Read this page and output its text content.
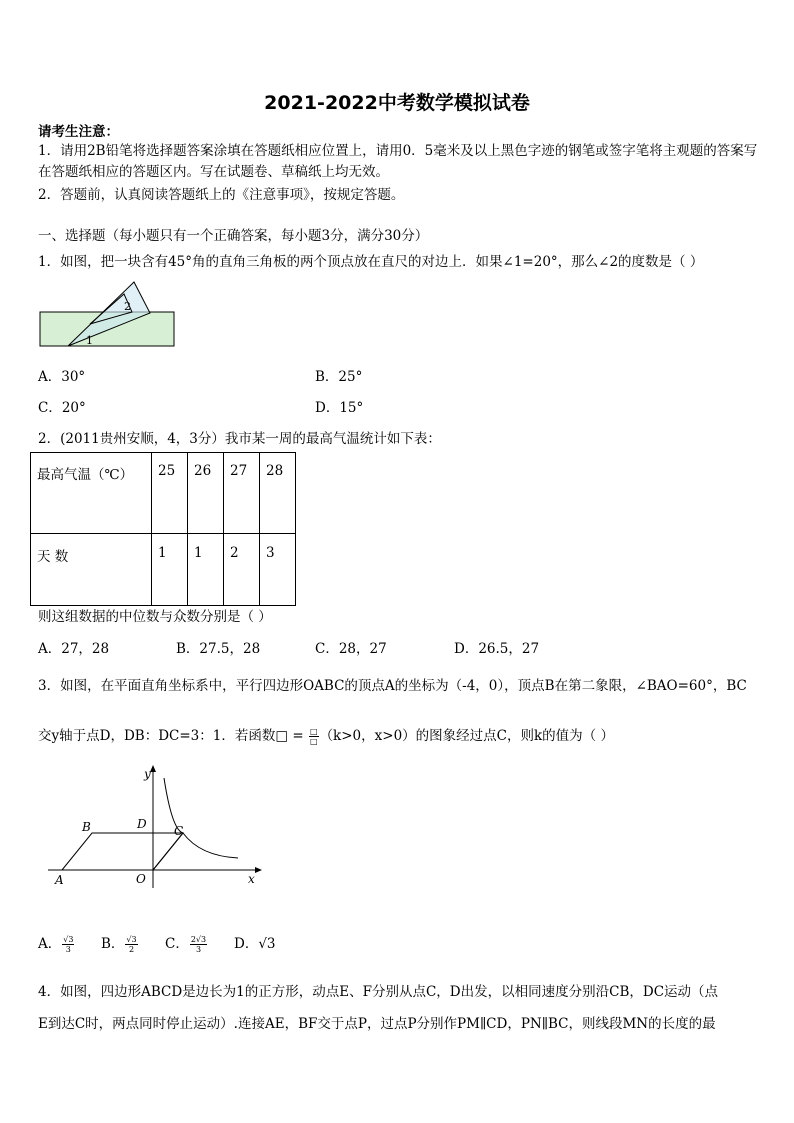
2021-2022中考数学模拟试卷
请考生注意：
1．请用2B铅笔将选择题答案涂填在答题纸相应位置上，请用0．5毫米及以上黑色字迹的钢笔或签字笔将主观题的答案写在答题纸相应的答题区内。写在试题卷、草稿纸上均无效。
2．答题前，认真阅读答题纸上的《注意事项》，按规定答题。
一、选择题（每小题只有一个正确答案，每小题3分，满分30分）
1．如图，把一块含有45°角的直角三角板的两个顶点放在直尺的对边上．如果∠1=20°，那么∠2的度数是（ ）
2
1
A．30°	B．25°
C．20°	D．15°
2．(2011贵州安顺，4，3分）我市某一周的最高气温统计如下表：
最高气温（℃）	25	26	27	28
天 数	1	1	2	3
则这组数据的中位数与众数分别是（ ）
A．27，28	B．27.5，28	C．28，27	D．26.5，27
3．如图，在平面直角坐标系中，平行四边形OABC的顶点A的坐标为（-4，0），顶点B在第二象限，∠BAO=60°，BC
交y轴于点D，DB：DC=3：1．若函数□ = $\frac{□}{□} (k>0$，x>0）的图象经过点C，则k的值为（ ）
y
x
B	D C
A	O
A． $\frac{√3}{3}$ B． $\frac{√3}{2}$ C． $\frac{2√3}{3}$ D．√3
4．如图，四边形ABCD是边长为1的正方形，动点E、F分别从点C，D出发，以相同速度分别沿CB，DC运动（点
E到达C时，两点同时停止运动）.连接AE，BF交于点P，过点P分别作PM∥CD，PN∥BC，则线段MN的长度的最
